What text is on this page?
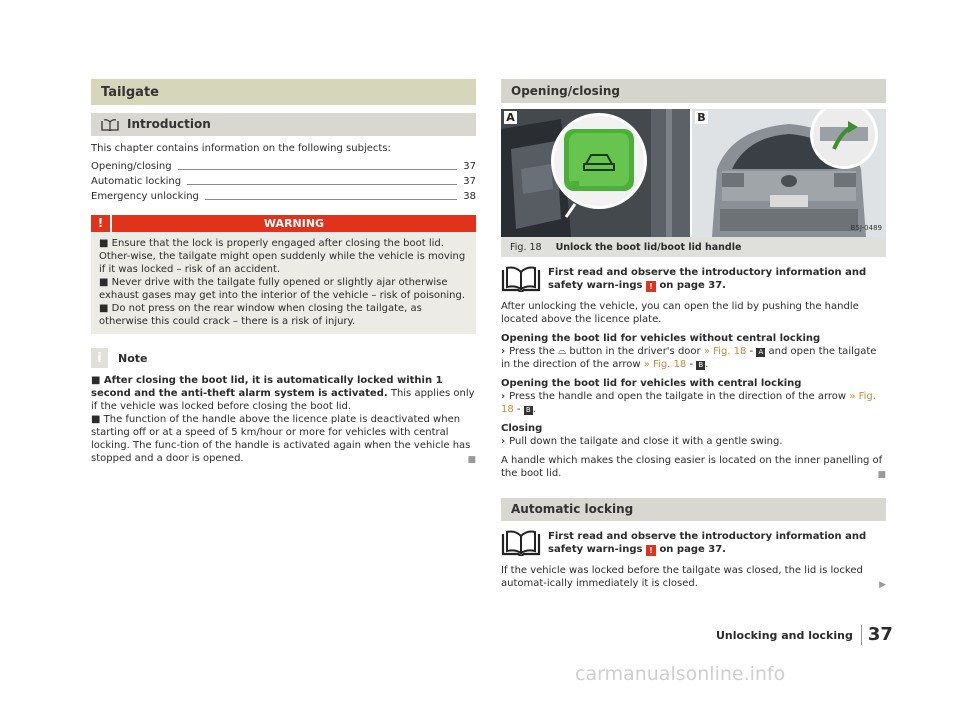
Tailgate
Introduction

This chapter contains information on the following subjects:

Opening/closing	37
Automatic locking	37
Emergency unlocking	38
!	WARNING

■ Ensure that the lock is properly engaged after closing the boot lid. Other-wise, the tailgate might open suddenly while the vehicle is moving if it was locked – risk of an accident.

■ Never drive with the tailgate fully opened or slightly ajar otherwise exhaust gases may get into the interior of the vehicle – risk of poisoning.

■ Do not press on the rear window when closing the tailgate, as otherwise this could crack – there is a risk of injury.

i	Note

■ After closing the boot lid, it is automatically locked within 1 second and the anti-theft alarm system is activated. This applies only if the vehicle was locked before closing the boot lid.

■ The function of the handle above the licence plate is deactivated when starting off or at a speed of 5 km/hour or more for vehicles with central locking. The func-tion of the handle is activated again when the vehicle has stopped and a door is opened.	■

Opening/closing
A	B
B5J-0489
Fig. 18 Unlock the boot lid/boot lid handle
First read and observe the introductory information and safety warn-ings ! on page 37.

After unlocking the vehicle, you can open the lid by pushing the handle located above the licence plate.

Opening the boot lid for vehicles without central locking

› Press the ⌓ button in the driver's door » Fig. 18 - A and open the tailgate in the direction of the arrow » Fig. 18 - B .

Opening the boot lid for vehicles with central locking

› Press the handle and open the tailgate in the direction of the arrow » Fig. 18 - B .

Closing

› Pull down the tailgate and close it with a gentle swing.

A handle which makes the closing easier is located on the inner panelling of the boot lid.	■

Automatic locking
First read and observe the introductory information and safety warn-ings ! on page 37.

If the vehicle was locked before the tailgate was closed, the lid is locked automat-ically immediately it is closed.	▶

Unlocking and locking 37
carmanualsonline.info
